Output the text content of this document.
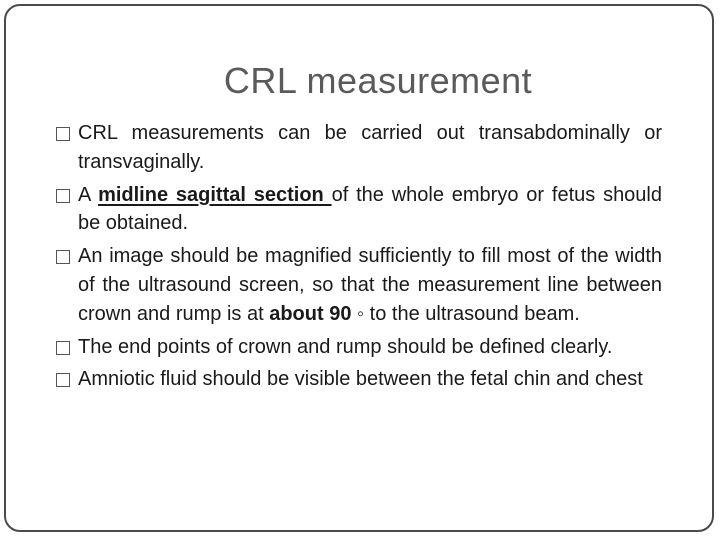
CRL measurement
CRL measurements can be carried out transabdominally or transvaginally.
A midline sagittal section of the whole embryo or fetus should be obtained.
An image should be magnified sufficiently to fill most of the width of the ultrasound screen, so that the measurement line between crown and rump is at about 90 ◦ to the ultrasound beam.
The end points of crown and rump should be defined clearly.
Amniotic fluid should be visible between the fetal chin and chest
